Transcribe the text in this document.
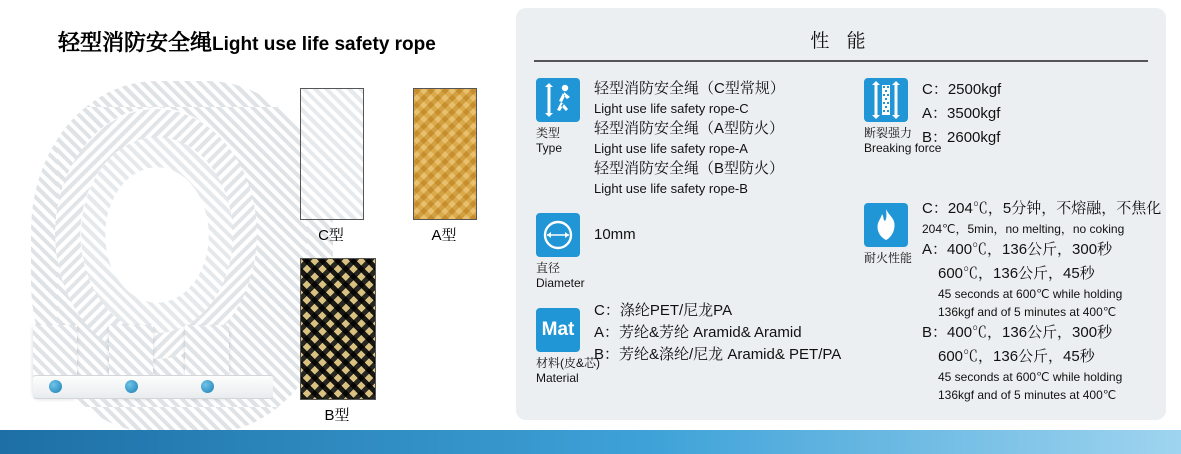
轻型消防安全绳Light use life safety rope
C型	A型
B型
性 能
类型
Type
轻型消防安全绳（C型常规）
Light use life safety rope-C
轻型消防安全绳（A型防火）
Light use life safety rope-A
轻型消防安全绳（B型防火）
Light use life safety rope-B
断裂强力
Breaking force
C：2500kgf
A：3500kgf
B：2600kgf
直径
Diameter
10mm
Mat
材料(皮&芯)
Material
C：涤纶PET/尼龙PA
A：芳纶&芳纶 Aramid& Aramid
B：芳纶&涤纶/尼龙 Aramid& PET/PA
耐火性能
C：204℃，5分钟，不熔融，不焦化
204℃，5min，no melting，no coking
A：400℃，136公斤，300秒
600℃，136公斤，45秒
45 seconds at 600℃ while holding
136kgf and of 5 minutes at 400℃
B：400℃，136公斤，300秒
600℃，136公斤，45秒
45 seconds at 600℃ while holding
136kgf and of 5 minutes at 400℃
